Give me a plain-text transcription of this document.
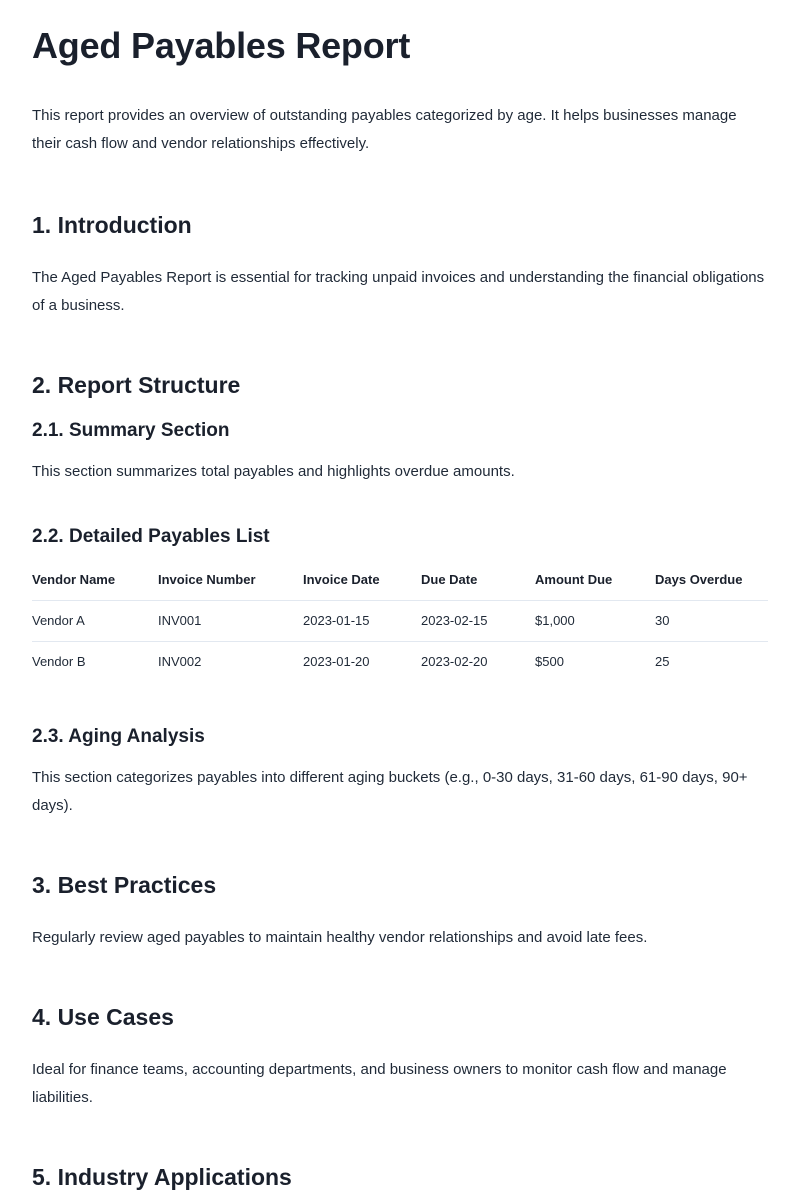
Aged Payables Report

This report provides an overview of outstanding payables categorized by age. It helps businesses manage their cash flow and vendor relationships effectively.

1. Introduction

The Aged Payables Report is essential for tracking unpaid invoices and understanding the financial obligations of a business.

2. Report Structure
2.1. Summary Section

This section summarizes total payables and highlights overdue amounts.

2.2. Detailed Payables List
Vendor Name	Invoice Number	Invoice Date	Due Date	Amount Due	Days Overdue
Vendor A	INV001	2023-01-15	2023-02-15	$1,000	30
Vendor B	INV002	2023-01-20	2023-02-20	$500	25
2.3. Aging Analysis

This section categorizes payables into different aging buckets (e.g., 0-30 days, 31-60 days, 61-90 days, 90+ days).

3. Best Practices

Regularly review aged payables to maintain healthy vendor relationships and avoid late fees.

4. Use Cases

Ideal for finance teams, accounting departments, and business owners to monitor cash flow and manage liabilities.

5. Industry Applications
